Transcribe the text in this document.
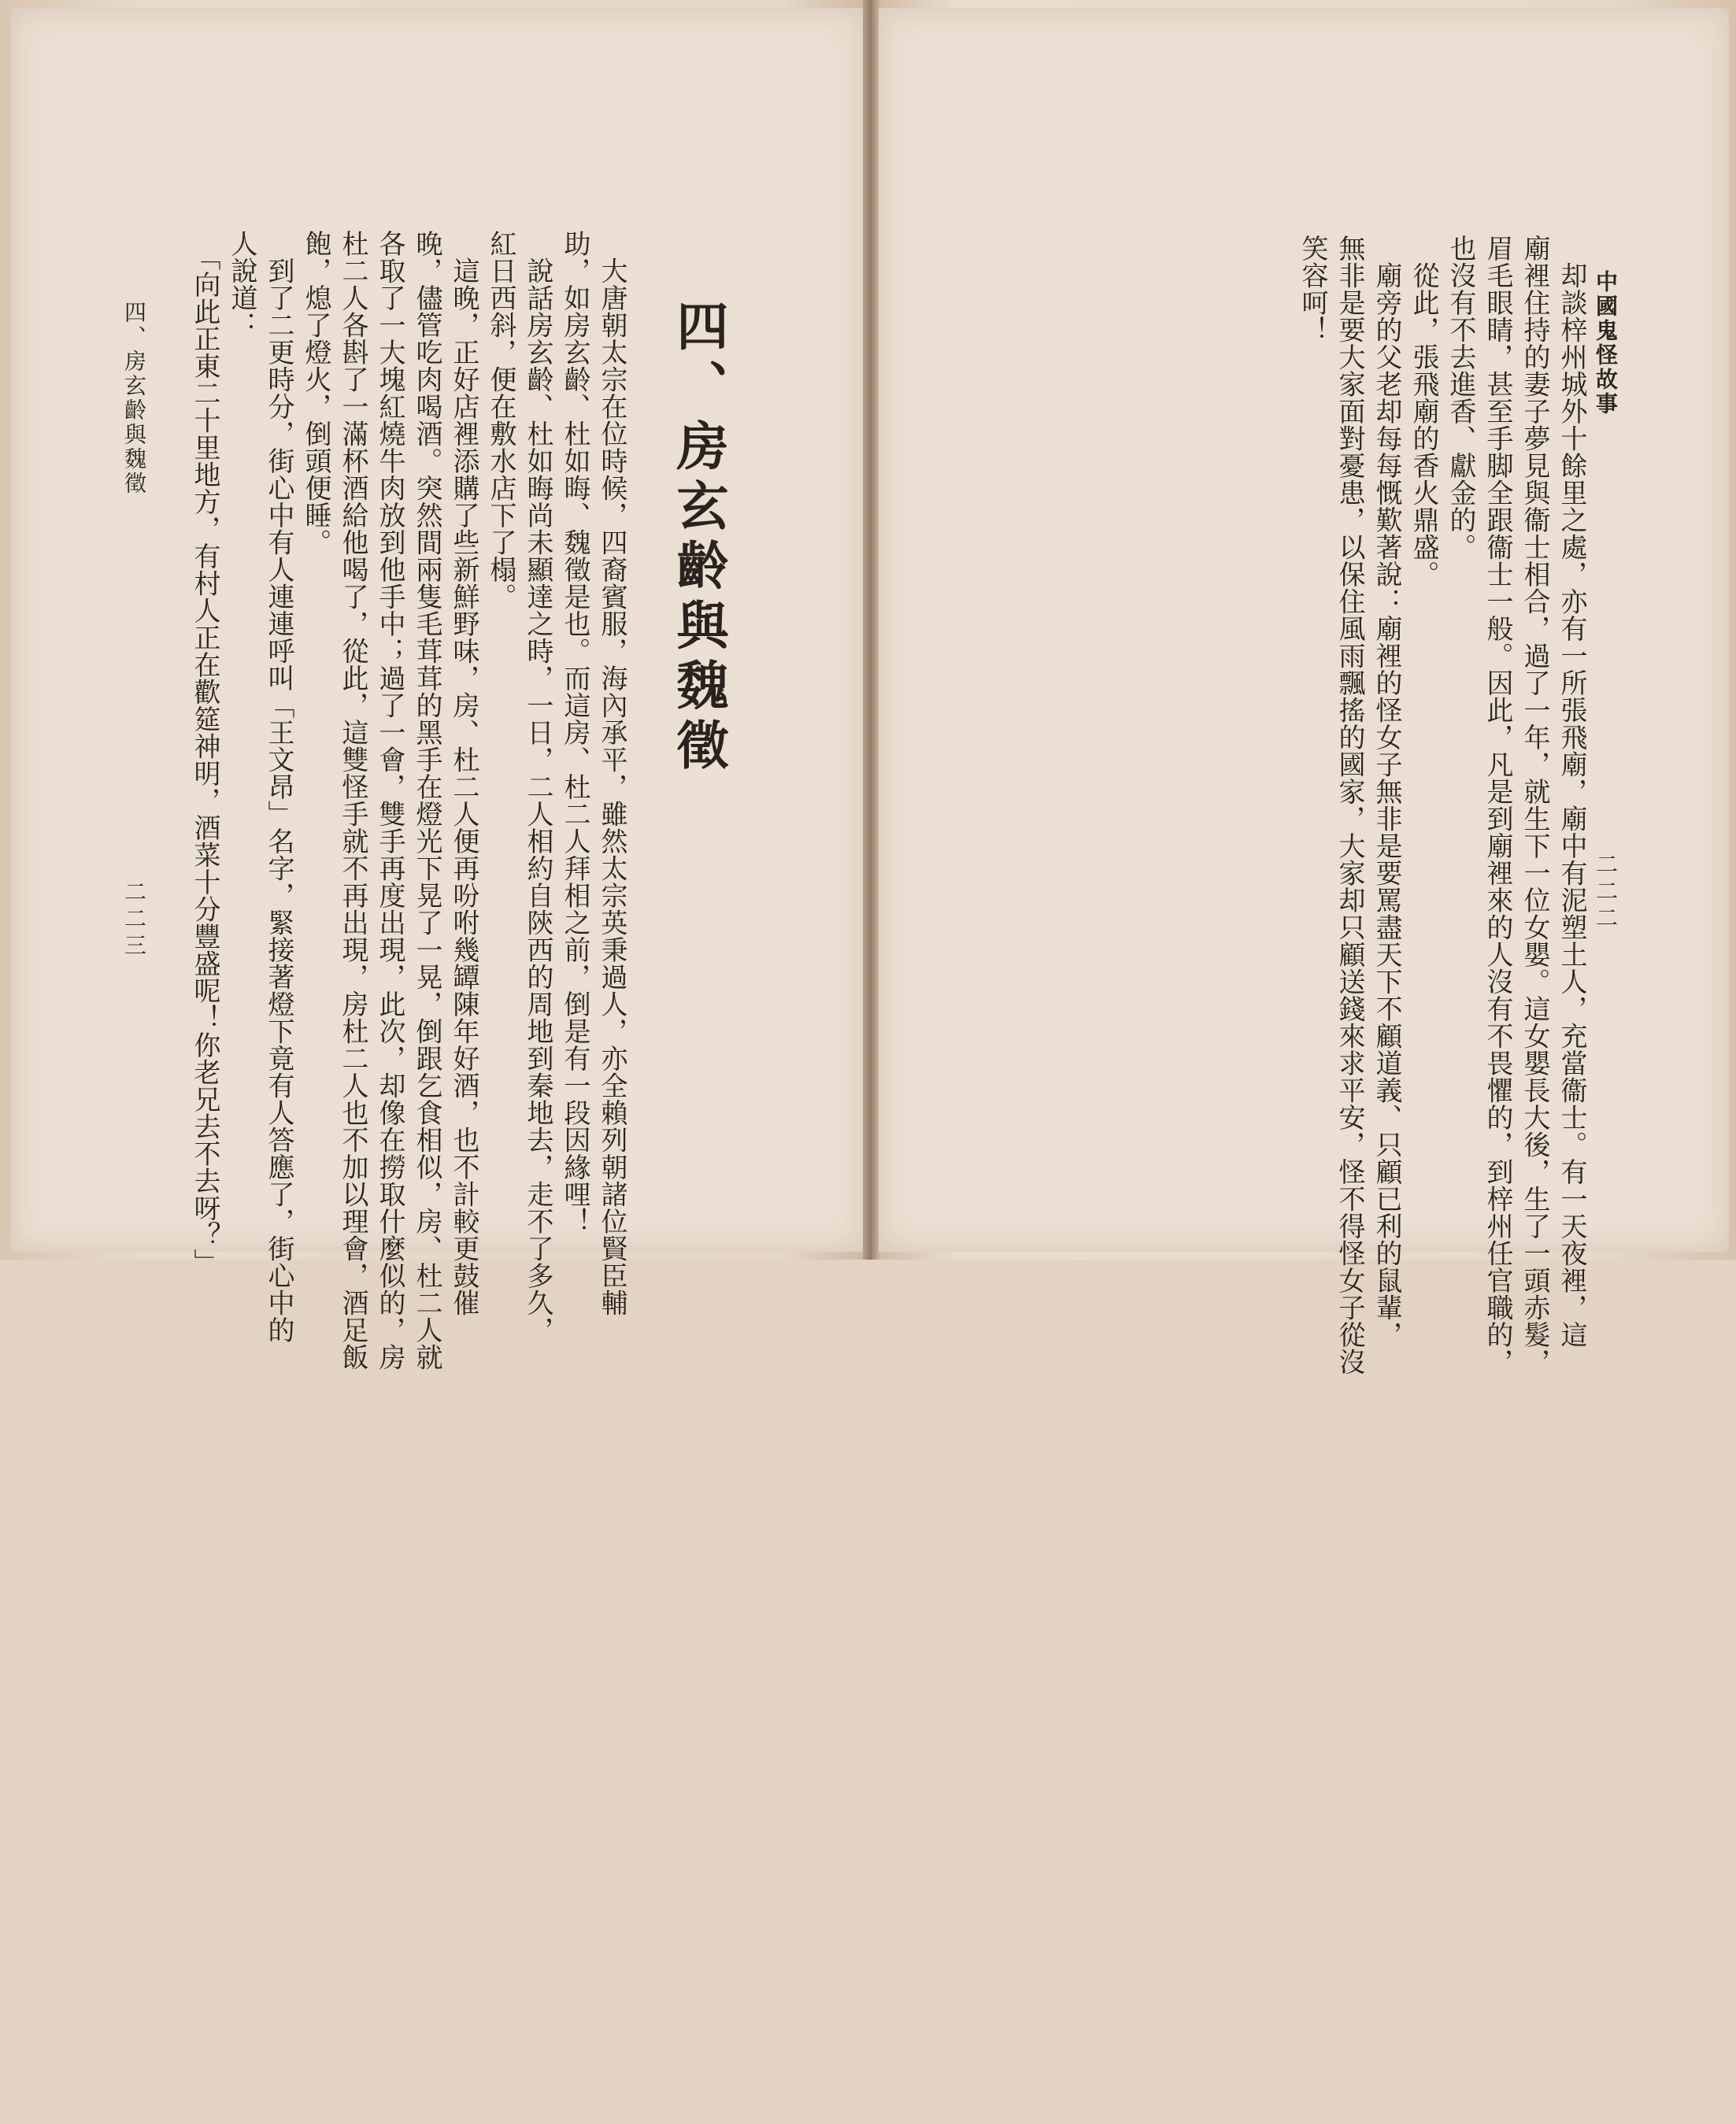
四、房玄齡與魏徵
　大唐朝太宗在位時候，四裔賓服，海內承平，雖然太宗英秉過人，亦全賴列朝諸位賢臣輔
助，如房玄齡、杜如晦、魏徵是也。而這房、杜二人拜相之前，倒是有一段因緣哩！
　說話房玄齡、杜如晦尚未顯達之時，一日，二人相約自陝西的周地到秦地去，走不了多久，
紅日西斜，便在敷水店下了榻。
　這晚，正好店裡添購了些新鮮野味，房、杜二人便再吩咐幾罈陳年好酒，也不計較更鼓催
晚，儘管吃肉喝酒。突然間兩隻毛茸茸的黑手在燈光下晃了一晃，倒跟乞食相似，房、杜二人就
各取了一大塊紅燒牛肉放到他手中；過了一會，雙手再度出現，此次，却像在撈取什麼似的，房
杜二人各斟了一滿杯酒給他喝了，從此，這雙怪手就不再出現，房杜二人也不加以理會，酒足飯
飽，熄了燈火，倒頭便睡。
　到了二更時分，街心中有人連連呼叫「王文昂」名字，緊接著燈下竟有人答應了，街心中的
人說道：
　「向此正東二十里地方，有村人正在歡筵神明，酒菜十分豐盛呢！你老兄去不去呀？」
四、房玄齡與魏徵
二二三
中國鬼怪故事
二二二
　却談梓州城外十餘里之處，亦有一所張飛廟，廟中有泥塑土人，充當衞士。有一天夜裡，這
廟裡住持的妻子夢見與衞士相合，過了一年，就生下一位女嬰。這女嬰長大後，生了一頭赤髮，
眉毛眼睛，甚至手脚全跟衞士一般。因此，凡是到廟裡來的人沒有不畏懼的，到梓州任官職的，
也沒有不去進香、獻金的。
　從此，張飛廟的香火鼎盛。
　廟旁的父老却每每慨歎著說：廟裡的怪女子無非是要罵盡天下不顧道義、只顧已利的鼠輩，
無非是要大家面對憂患，以保住風雨飄搖的國家，大家却只顧送錢來求平安，怪不得怪女子從沒
笑容呵！
